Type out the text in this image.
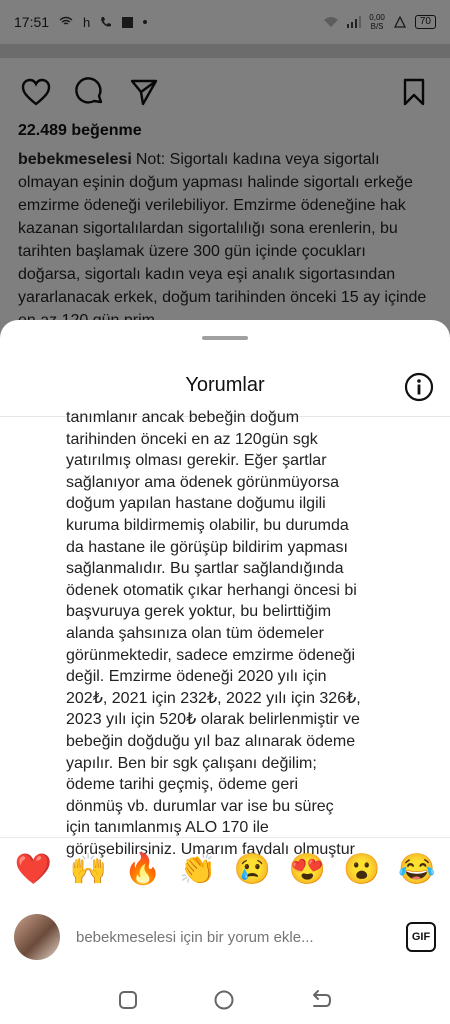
Yorumlar
tanımlanır ancak bebeğin doğum
tarihinden önceki en az 120gün sgk
yatırılmış olması gerekir. Eğer şartlar
sağlanıyor ama ödenek görünmüyorsa
doğum yapılan hastane doğumu ilgili
kuruma bildirmemiş olabilir, bu durumda
da hastane ile görüşüp bildirim yapması
sağlanmalıdır. Bu şartlar sağlandığında
ödenek otomatik çıkar herhangi öncesi bi
başvuruya gerek yoktur, bu belirttiğim
alanda şahsınıza olan tüm ödemeler
görünmektedir, sadece emzirme ödeneği
değil. Emzirme ödeneği 2020 yılı için
202₺, 2021 için 232₺, 2022 yılı için 326₺,
2023 yılı için 520₺ olarak belirlenmiştir ve
bebeğin doğduğu yıl baz alınarak ödeme
yapılır. Ben bir sgk çalışanı değilim;
ödeme tarihi geçmiş, ödeme geri
dönmüş vb. durumlar var ise bu süreç
için tanımlanmış ALO 170 ile
görüşebilirsiniz. Umarım faydalı olmuştur
❤️ 🙌 🔥 👏 😢 😍 😮 😂
bebekmeselesi için bir yorum ekle...
GIF
